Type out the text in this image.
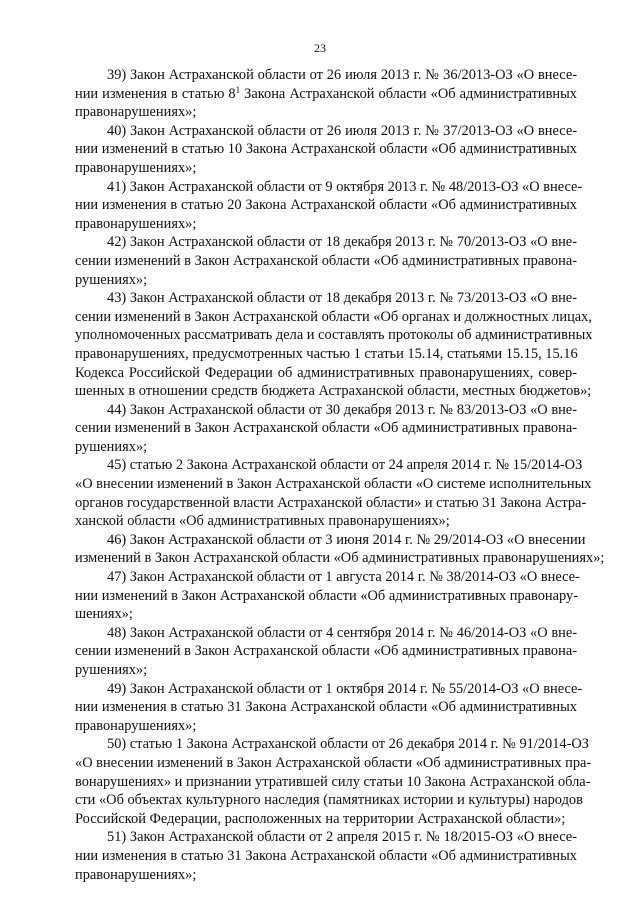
23

39) Закон Астраханской области от 26 июля 2013 г. № 36/2013-ОЗ «О внесе-
нии изменения в статью $8^1$ Закона Астраханской области «Об административных
правонарушениях»;

40) Закон Астраханской области от 26 июля 2013 г. № 37/2013-ОЗ «О внесе-
нии изменений в статью 10 Закона Астраханской области «Об административных
правонарушениях»;

41) Закон Астраханской области от 9 октября 2013 г. № 48/2013-ОЗ «О внесе-
нии изменения в статью 20 Закона Астраханской области «Об административных
правонарушениях»;

42) Закон Астраханской области от 18 декабря 2013 г. № 70/2013-ОЗ «О вне-
сении изменений в Закон Астраханской области «Об административных правона-
рушениях»;

43) Закон Астраханской области от 18 декабря 2013 г. № 73/2013-ОЗ «О вне-
сении изменений в Закон Астраханской области «Об органах и должностных лицах,
уполномоченных рассматривать дела и составлять протоколы об административных
правонарушениях, предусмотренных частью 1 статьи 15.14, статьями 15.15, 15.16
Кодекса Российской Федерации об административных правонарушениях, совер-
шенных в отношении средств бюджета Астраханской области, местных бюджетов»;

44) Закон Астраханской области от 30 декабря 2013 г. № 83/2013-ОЗ «О вне-
сении изменений в Закон Астраханской области «Об административных правона-
рушениях»;

45) статью 2 Закона Астраханской области от 24 апреля 2014 г. № 15/2014-ОЗ
«О внесении изменений в Закон Астраханской области «О системе исполнительных
органов государственной власти Астраханской области» и статью 31 Закона Астра-
ханской области «Об административных правонарушениях»;

46) Закон Астраханской области от 3 июня 2014 г. № 29/2014-ОЗ «О внесении
изменений в Закон Астраханской области «Об административных правонарушениях»;

47) Закон Астраханской области от 1 августа 2014 г. № 38/2014-ОЗ «О внесе-
нии изменений в Закон Астраханской области «Об административных правонару-
шениях»;

48) Закон Астраханской области от 4 сентября 2014 г. № 46/2014-ОЗ «О вне-
сении изменений в Закон Астраханской области «Об административных правона-
рушениях»;

49) Закон Астраханской области от 1 октября 2014 г. № 55/2014-ОЗ «О внесе-
нии изменения в статью 31 Закона Астраханской области «Об административных
правонарушениях»;

50) статью 1 Закона Астраханской области от 26 декабря 2014 г. № 91/2014-ОЗ
«О внесении изменений в Закон Астраханской области «Об административных пра-
вонарушениях» и признании утратившей силу статьи 10 Закона Астраханской обла-
сти «Об объектах культурного наследия (памятниках истории и культуры) народов
Российской Федерации, расположенных на территории Астраханской области»;

51) Закон Астраханской области от 2 апреля 2015 г. № 18/2015-ОЗ «О внесе-
нии изменения в статью 31 Закона Астраханской области «Об административных
правонарушениях»;
